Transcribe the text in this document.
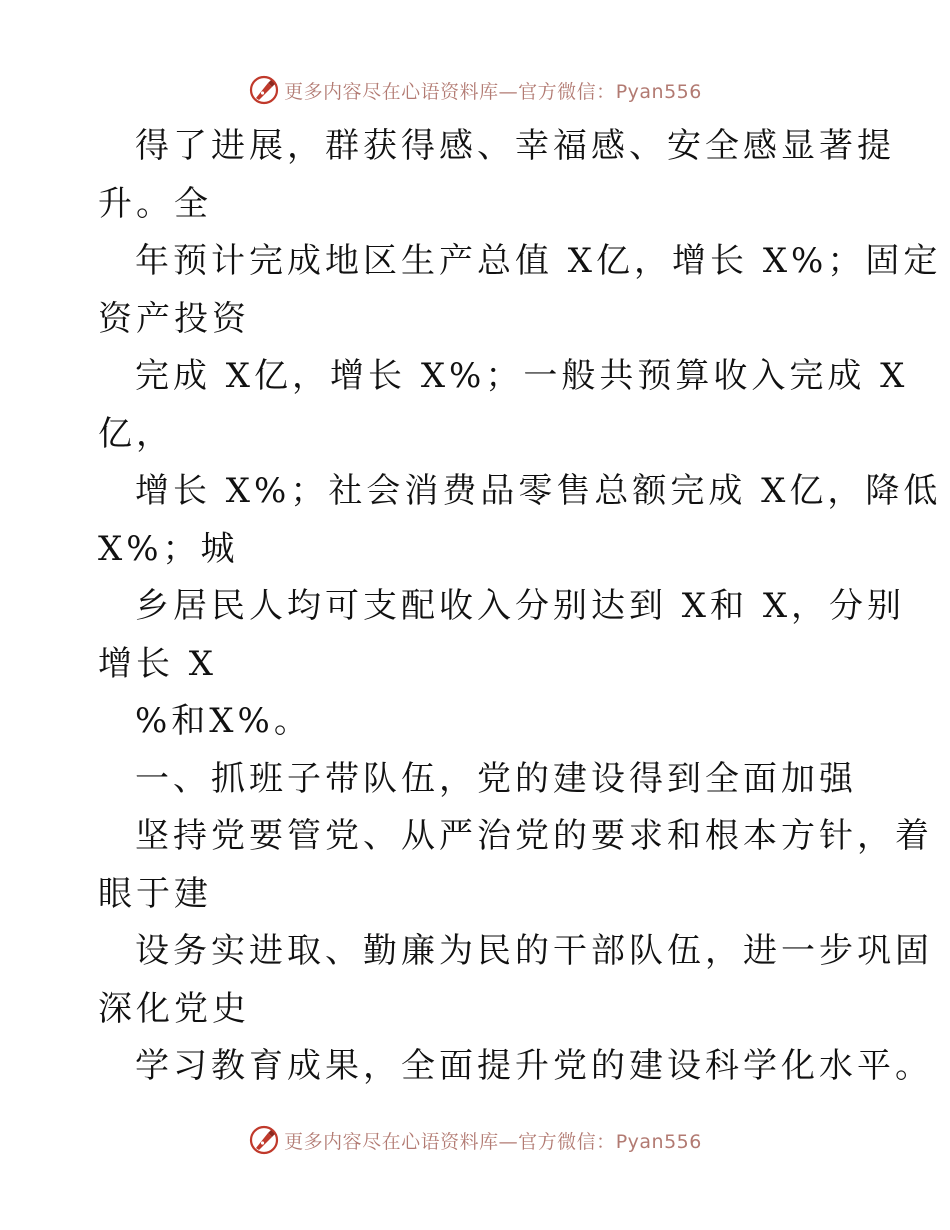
更多内容尽在心语资料库—官方微信：Pyan556
得了进展，群获得感、幸福感、安全感显著提
升。全
年预计完成地区生产总值 X亿，增长 X%；固定
资产投资
完成 X亿，增长 X%；一般共预算收入完成 X
亿，
增长 X%；社会消费品零售总额完成 X亿，降低
X%；城
乡居民人均可支配收入分别达到 X和 X，分别
增长 X
%和X%。
一、抓班子带队伍，党的建设得到全面加强
坚持党要管党、从严治党的要求和根本方针，着
眼于建
设务实进取、勤廉为民的干部队伍，进一步巩固
深化党史
学习教育成果，全面提升党的建设科学化水平。
更多内容尽在心语资料库—官方微信：Pyan556
